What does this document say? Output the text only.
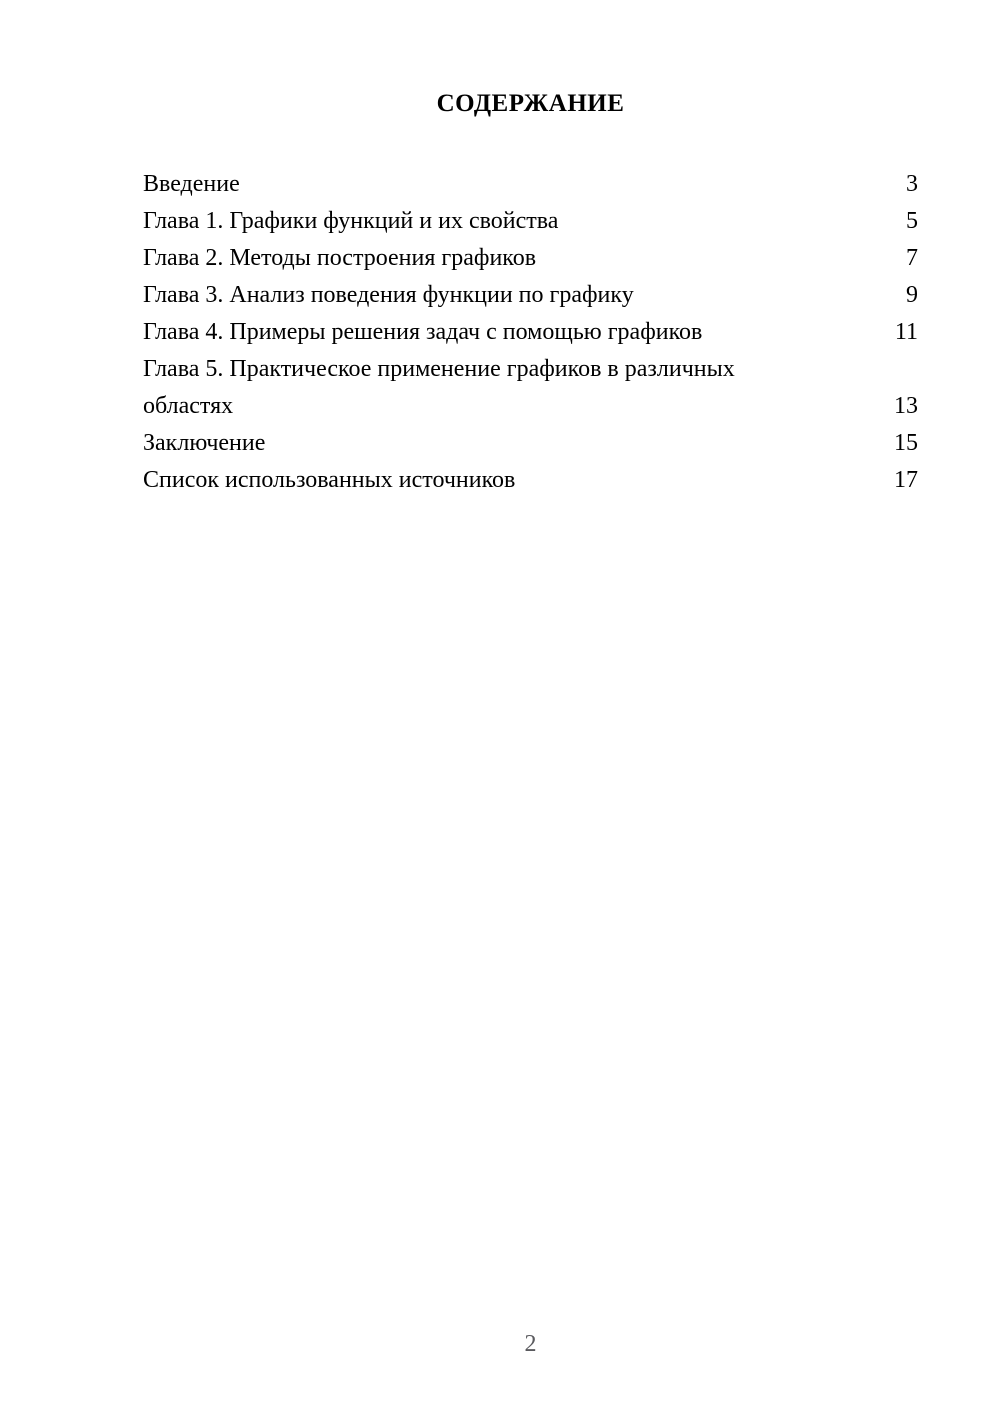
СОДЕРЖАНИЕ
Введение	3
Глава 1. Графики функций и их свойства	5
Глава 2. Методы построения графиков	7
Глава 3. Анализ поведения функции по графику	9
Глава 4. Примеры решения задач с помощью графиков	11
Глава 5. Практическое применение графиков в различных областях	13
Заключение	15
Список использованных источников	17
2
